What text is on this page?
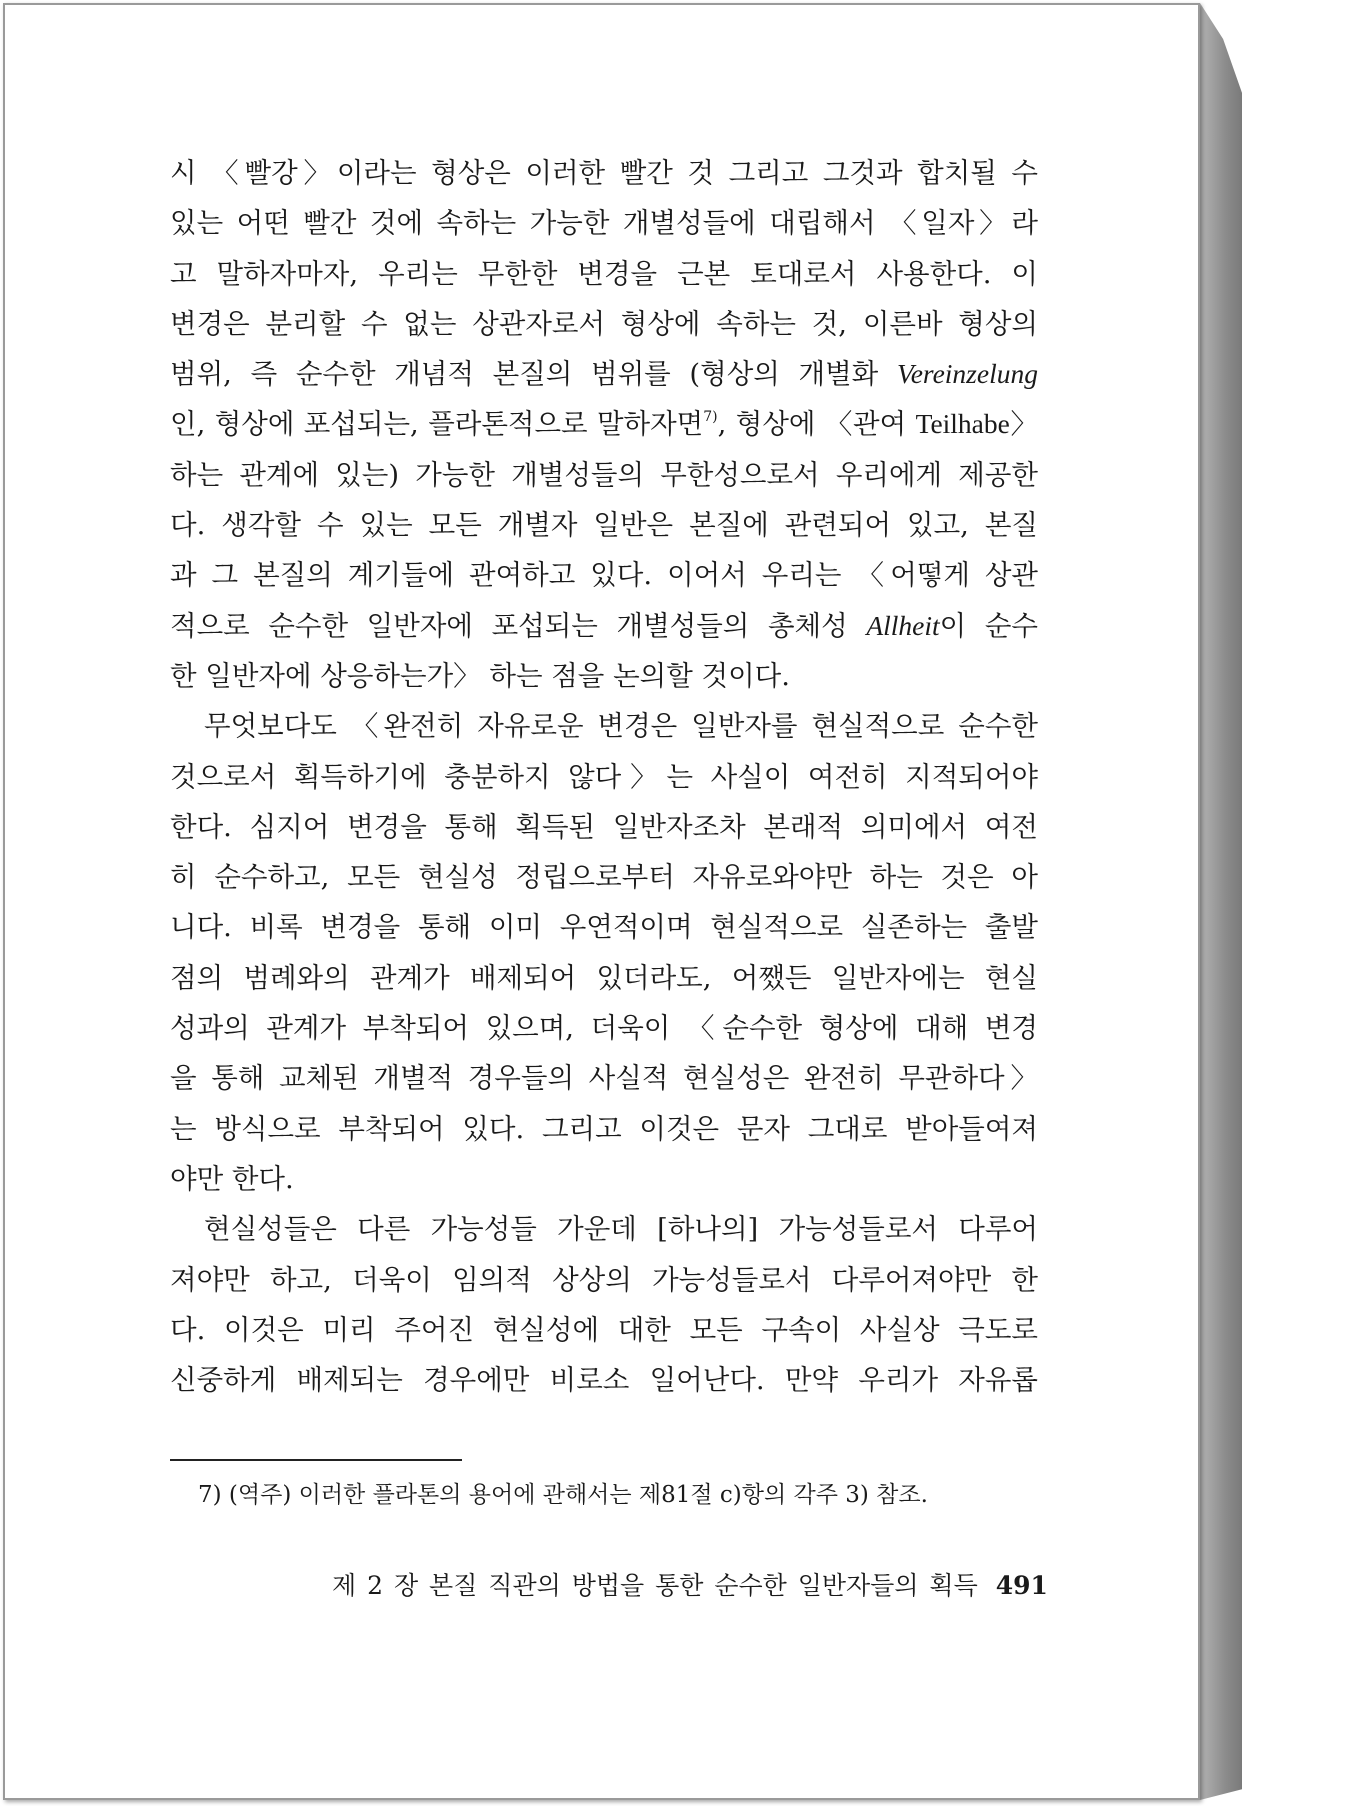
시 〈빨강〉이라는 형상은 이러한 빨간 것 그리고 그것과 합치될 수
있는 어떤 빨간 것에 속하는 가능한 개별성들에 대립해서 〈일자〉라
고 말하자마자, 우리는 무한한 변경을 근본 토대로서 사용한다. 이
변경은 분리할 수 없는 상관자로서 형상에 속하는 것, 이른바 형상의
범위, 즉 순수한 개념적 본질의 범위를 (형상의 개별화 Vereinzelung
인, 형상에 포섭되는, 플라톤적으로 말하자면$^{7)}$, 형상에 〈관여 Teilhabe〉
하는 관계에 있는) 가능한 개별성들의 무한성으로서 우리에게 제공한
다. 생각할 수 있는 모든 개별자 일반은 본질에 관련되어 있고, 본질
과 그 본질의 계기들에 관여하고 있다. 이어서 우리는 〈어떻게 상관
적으로 순수한 일반자에 포섭되는 개별성들의 총체성 Allheit이 순수
한 일반자에 상응하는가〉 하는 점을 논의할 것이다.
무엇보다도 〈완전히 자유로운 변경은 일반자를 현실적으로 순수한
것으로서 획득하기에 충분하지 않다〉는 사실이 여전히 지적되어야
한다. 심지어 변경을 통해 획득된 일반자조차 본래적 의미에서 여전
히 순수하고, 모든 현실성 정립으로부터 자유로와야만 하는 것은 아
니다. 비록 변경을 통해 이미 우연적이며 현실적으로 실존하는 출발
점의 범례와의 관계가 배제되어 있더라도, 어쨌든 일반자에는 현실
성과의 관계가 부착되어 있으며, 더욱이 〈순수한 형상에 대해 변경
을 통해 교체된 개별적 경우들의 사실적 현실성은 완전히 무관하다〉
는 방식으로 부착되어 있다. 그리고 이것은 문자 그대로 받아들여져
야만 한다.
현실성들은 다른 가능성들 가운데 [하나의] 가능성들로서 다루어
져야만 하고, 더욱이 임의적 상상의 가능성들로서 다루어져야만 한
다. 이것은 미리 주어진 현실성에 대한 모든 구속이 사실상 극도로
신중하게 배제되는 경우에만 비로소 일어난다. 만약 우리가 자유롭
7) (역주) 이러한 플라톤의 용어에 관해서는 제81절 c)항의 각주 3) 참조.
제 2 장 본질 직관의 방법을 통한 순수한 일반자들의 획득 491
